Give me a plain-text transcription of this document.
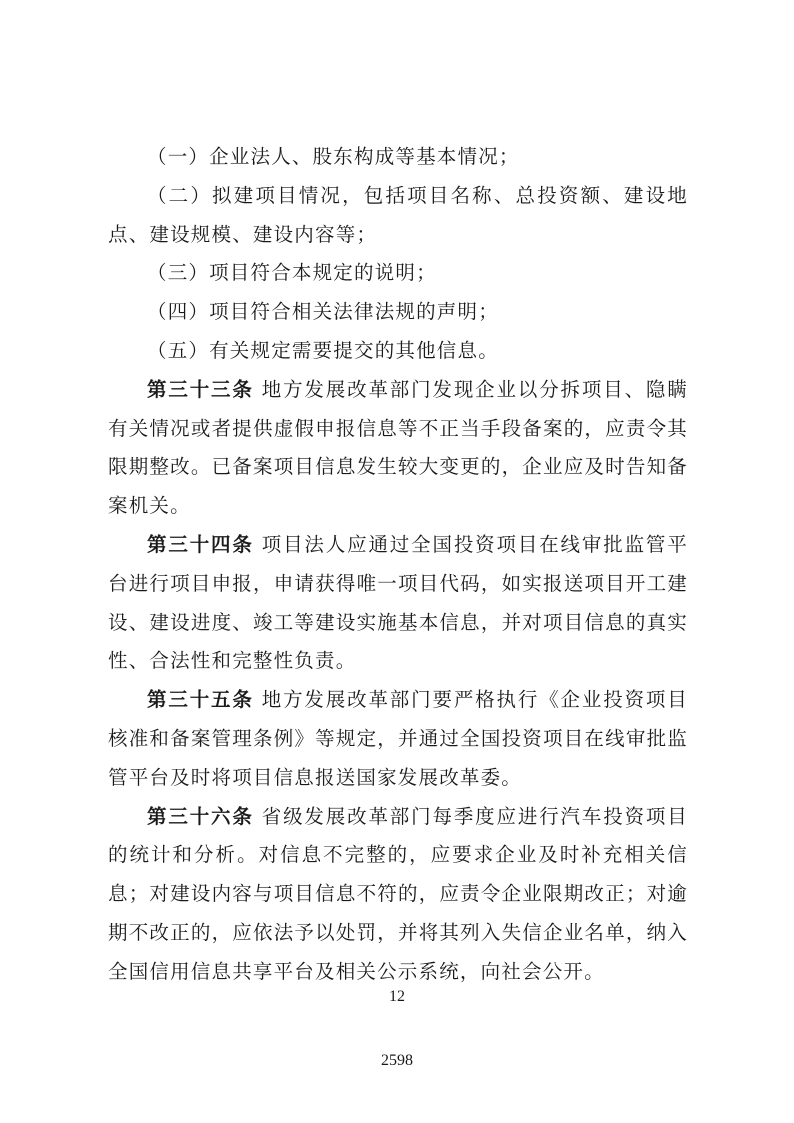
（一）企业法人、股东构成等基本情况；

（二）拟建项目情况，包括项目名称、总投资额、建设地点、建设规模、建设内容等；

（三）项目符合本规定的说明；

（四）项目符合相关法律法规的声明；

（五）有关规定需要提交的其他信息。

第三十三条 地方发展改革部门发现企业以分拆项目、隐瞒有关情况或者提供虚假申报信息等不正当手段备案的，应责令其限期整改。已备案项目信息发生较大变更的，企业应及时告知备案机关。

第三十四条 项目法人应通过全国投资项目在线审批监管平台进行项目申报，申请获得唯一项目代码，如实报送项目开工建设、建设进度、竣工等建设实施基本信息，并对项目信息的真实性、合法性和完整性负责。

第三十五条 地方发展改革部门要严格执行《企业投资项目核准和备案管理条例》等规定，并通过全国投资项目在线审批监管平台及时将项目信息报送国家发展改革委。

第三十六条 省级发展改革部门每季度应进行汽车投资项目的统计和分析。对信息不完整的，应要求企业及时补充相关信息；对建设内容与项目信息不符的，应责令企业限期改正；对逾期不改正的，应依法予以处罚，并将其列入失信企业名单，纳入全国信用信息共享平台及相关公示系统，向社会公开。

12
2598
